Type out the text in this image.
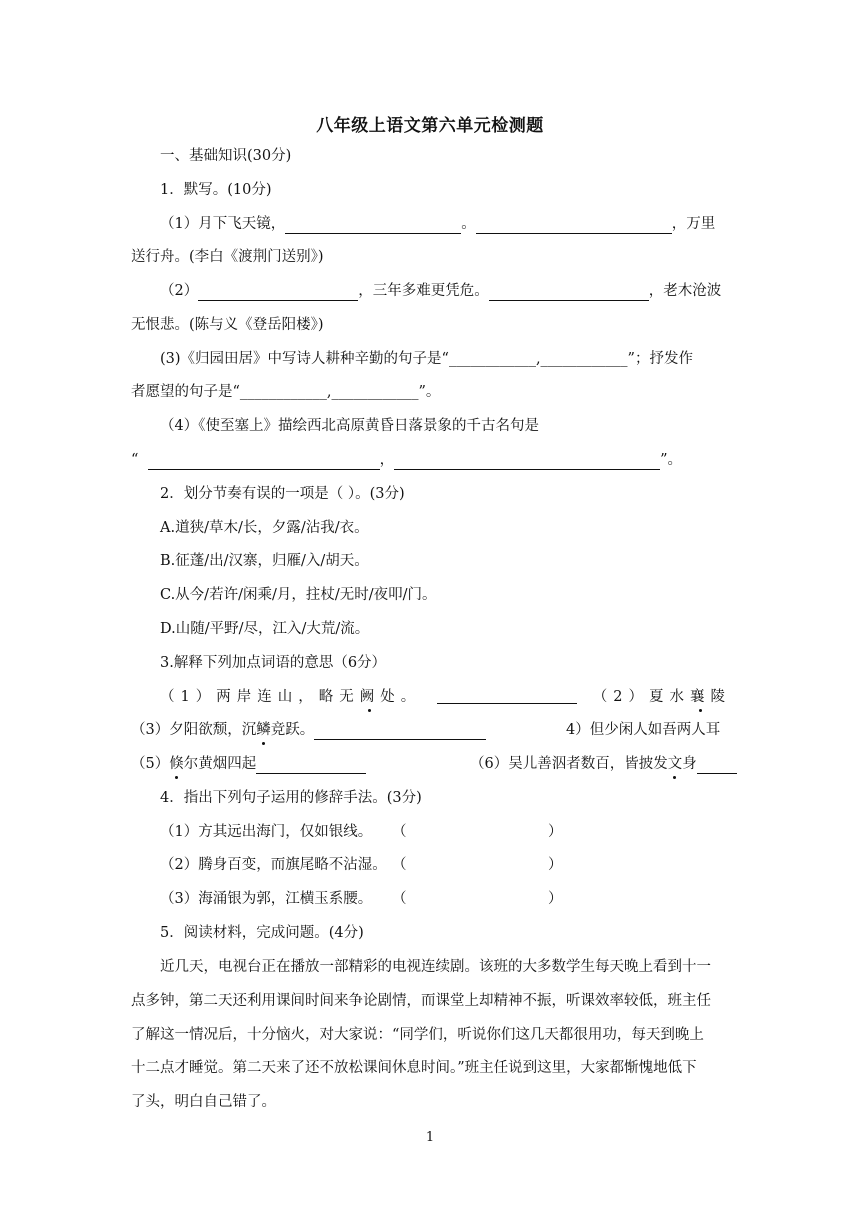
八年级上语文第六单元检测题
一、基础知识(30分)
1．默写。(10分)
（1）月下飞天镜，	。	，万里
送行舟。(李白《渡荆门送别》)
（2）	，三年多难更凭危。	，老木沧波
无恨悲。(陈与义《登岳阳楼》)
(3)《归园田居》中写诗人耕种辛勤的句子是“____________,____________”；抒发作
者愿望的句子是“____________,____________”。
（4）《使至塞上》描绘西北高原黄昏日落景象的千古名句是
“	，	”。
2．划分节奏有误的一项是（ ）。(3分)
A.道狭/草木/长，夕露/沾我/衣。
B.征蓬/出/汉寨，归雁/入/胡天。
C.从今/若许/闲乘/月，拄杖/无时/夜叩/门。
D.山随/平野/尽，江入/大荒/流。
3.解释下列加点词语的意思（6分）
（1）两岸连山，略无阙处。	（2）夏水襄陵
（3）夕阳欲颓，沉鳞竞跃。	4）但少闲人如吾两人耳
（5）倏尔黄烟四起	（6）吴儿善泅者数百，皆披发文身
4．指出下列句子运用的修辞手法。(3分)
（1）方其远出海门，仅如银线。 （	）
（2）腾身百变，而旗尾略不沾湿。 （	）
（3）海涌银为郭，江横玉系腰。 （	）
5．阅读材料，完成问题。(4分)
近几天，电视台正在播放一部精彩的电视连续剧。该班的大多数学生每天晚上看到十一
点多钟，第二天还利用课间时间来争论剧情，而课堂上却精神不振，听课效率较低，班主任
了解这一情况后，十分恼火，对大家说：“同学们，听说你们这几天都很用功，每天到晚上
十二点才睡觉。第二天来了还不放松课间休息时间。”班主任说到这里，大家都惭愧地低下
了头，明白自己错了。
1
